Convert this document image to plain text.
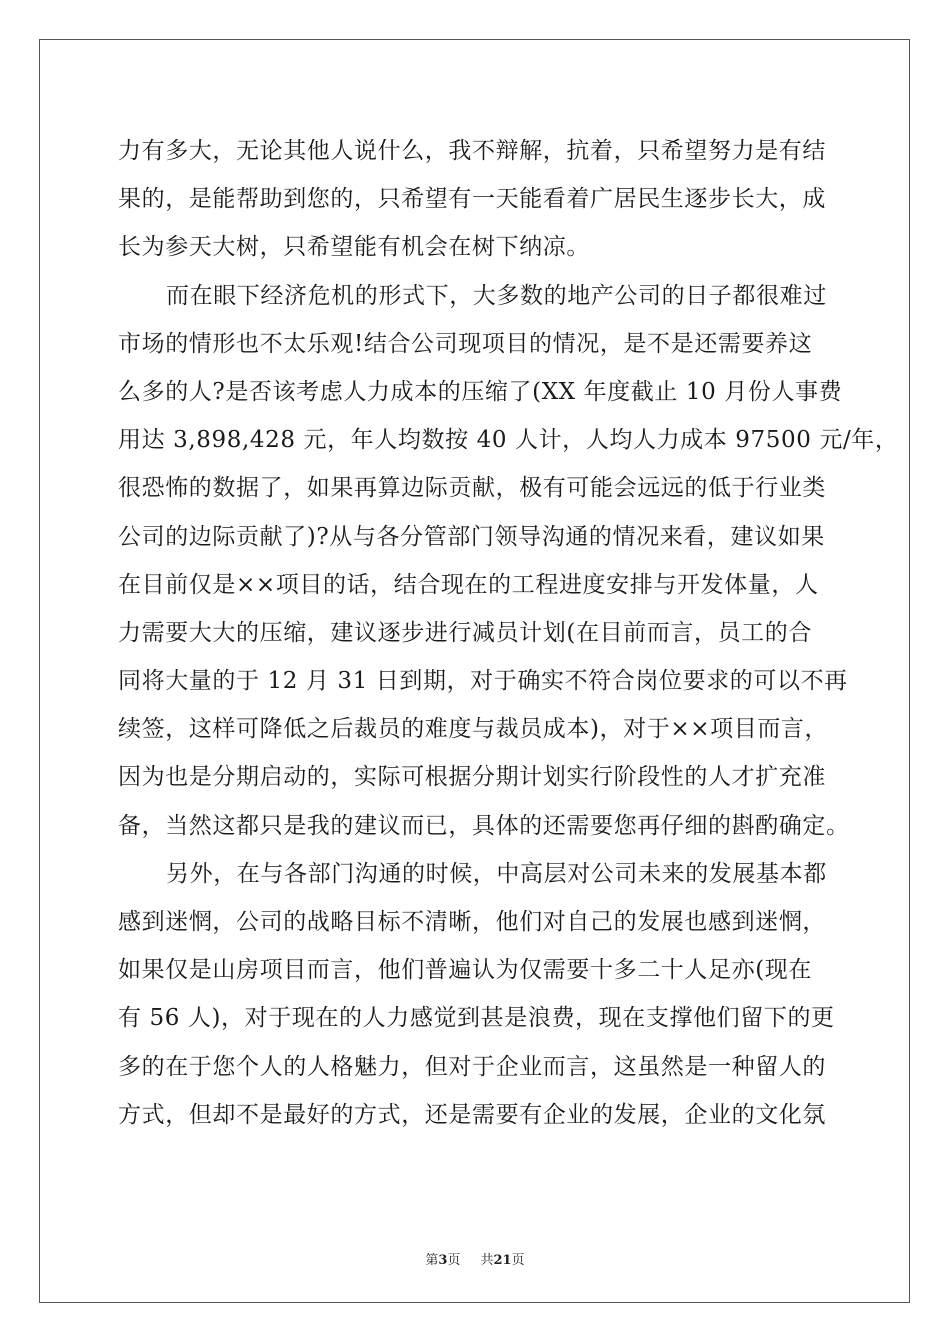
力有多大，无论其他人说什么，我不辩解，抗着，只希望努力是有结
果的，是能帮助到您的，只希望有一天能看着广居民生逐步长大，成
长为参天大树，只希望能有机会在树下纳凉。
而在眼下经济危机的形式下，大多数的地产公司的日子都很难过
市场的情形也不太乐观!结合公司现项目的情况，是不是还需要养这
么多的人?是否该考虑人力成本的压缩了(XX 年度截止 10 月份人事费
用达 3,898,428 元，年人均数按 40 人计，人均人力成本 97500 元/年，
很恐怖的数据了，如果再算边际贡献，极有可能会远远的低于行业类
公司的边际贡献了)?从与各分管部门领导沟通的情况来看，建议如果
在目前仅是××项目的话，结合现在的工程进度安排与开发体量，人
力需要大大的压缩，建议逐步进行减员计划(在目前而言，员工的合
同将大量的于 12 月 31 日到期，对于确实不符合岗位要求的可以不再
续签，这样可降低之后裁员的难度与裁员成本)，对于××项目而言，
因为也是分期启动的，实际可根据分期计划实行阶段性的人才扩充准
备，当然这都只是我的建议而已，具体的还需要您再仔细的斟酌确定。
另外，在与各部门沟通的时候，中高层对公司未来的发展基本都
感到迷惘，公司的战略目标不清晰，他们对自己的发展也感到迷惘，
如果仅是山房项目而言，他们普遍认为仅需要十多二十人足亦(现在
有 56 人)，对于现在的人力感觉到甚是浪费，现在支撑他们留下的更
多的在于您个人的人格魅力，但对于企业而言，这虽然是一种留人的
方式，但却不是最好的方式，还是需要有企业的发展，企业的文化氛
第3页 共21页
